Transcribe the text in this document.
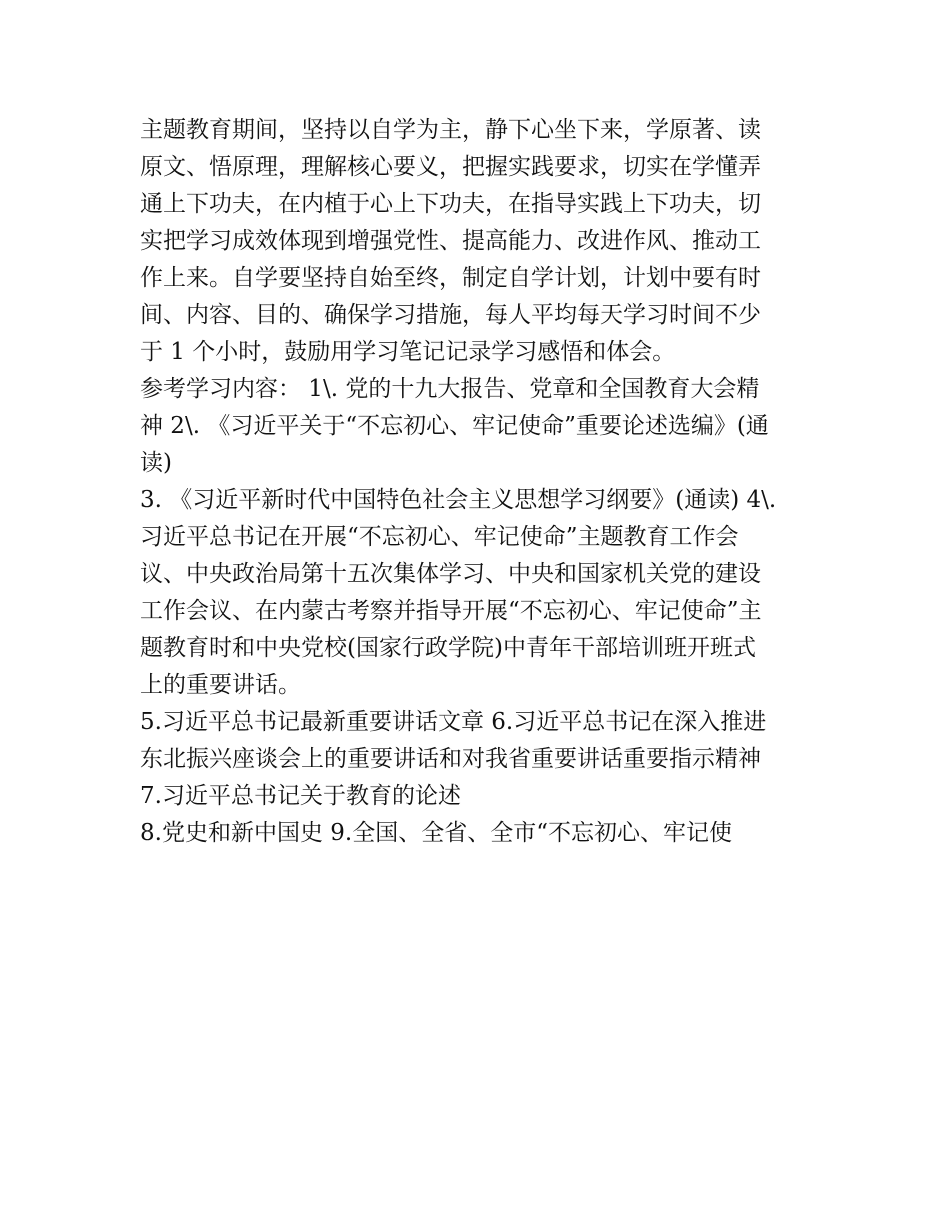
主题教育期间，坚持以自学为主，静下心坐下来，学原著、读
原文、悟原理，理解核心要义，把握实践要求，切实在学懂弄
通上下功夫，在内植于心上下功夫，在指导实践上下功夫，切
实把学习成效体现到增强党性、提高能力、改进作风、推动工
作上来。自学要坚持自始至终，制定自学计划，计划中要有时
间、内容、目的、确保学习措施，每人平均每天学习时间不少
于 1 个小时，鼓励用学习笔记记录学习感悟和体会。
参考学习内容： 1\. 党的十九大报告、党章和全国教育大会精
神 2\. 《习近平关于“不忘初心、牢记使命”重要论述选编》(通
读)
3. 《习近平新时代中国特色社会主义思想学习纲要》(通读) 4\.
习近平总书记在开展“不忘初心、牢记使命”主题教育工作会
议、中央政治局第十五次集体学习、中央和国家机关党的建设
工作会议、在内蒙古考察并指导开展“不忘初心、牢记使命”主
题教育时和中央党校(国家行政学院)中青年干部培训班开班式
上的重要讲话。
5.习近平总书记最新重要讲话文章 6.习近平总书记在深入推进
东北振兴座谈会上的重要讲话和对我省重要讲话重要指示精神
7.习近平总书记关于教育的论述
8.党史和新中国史 9.全国、全省、全市“不忘初心、牢记使
